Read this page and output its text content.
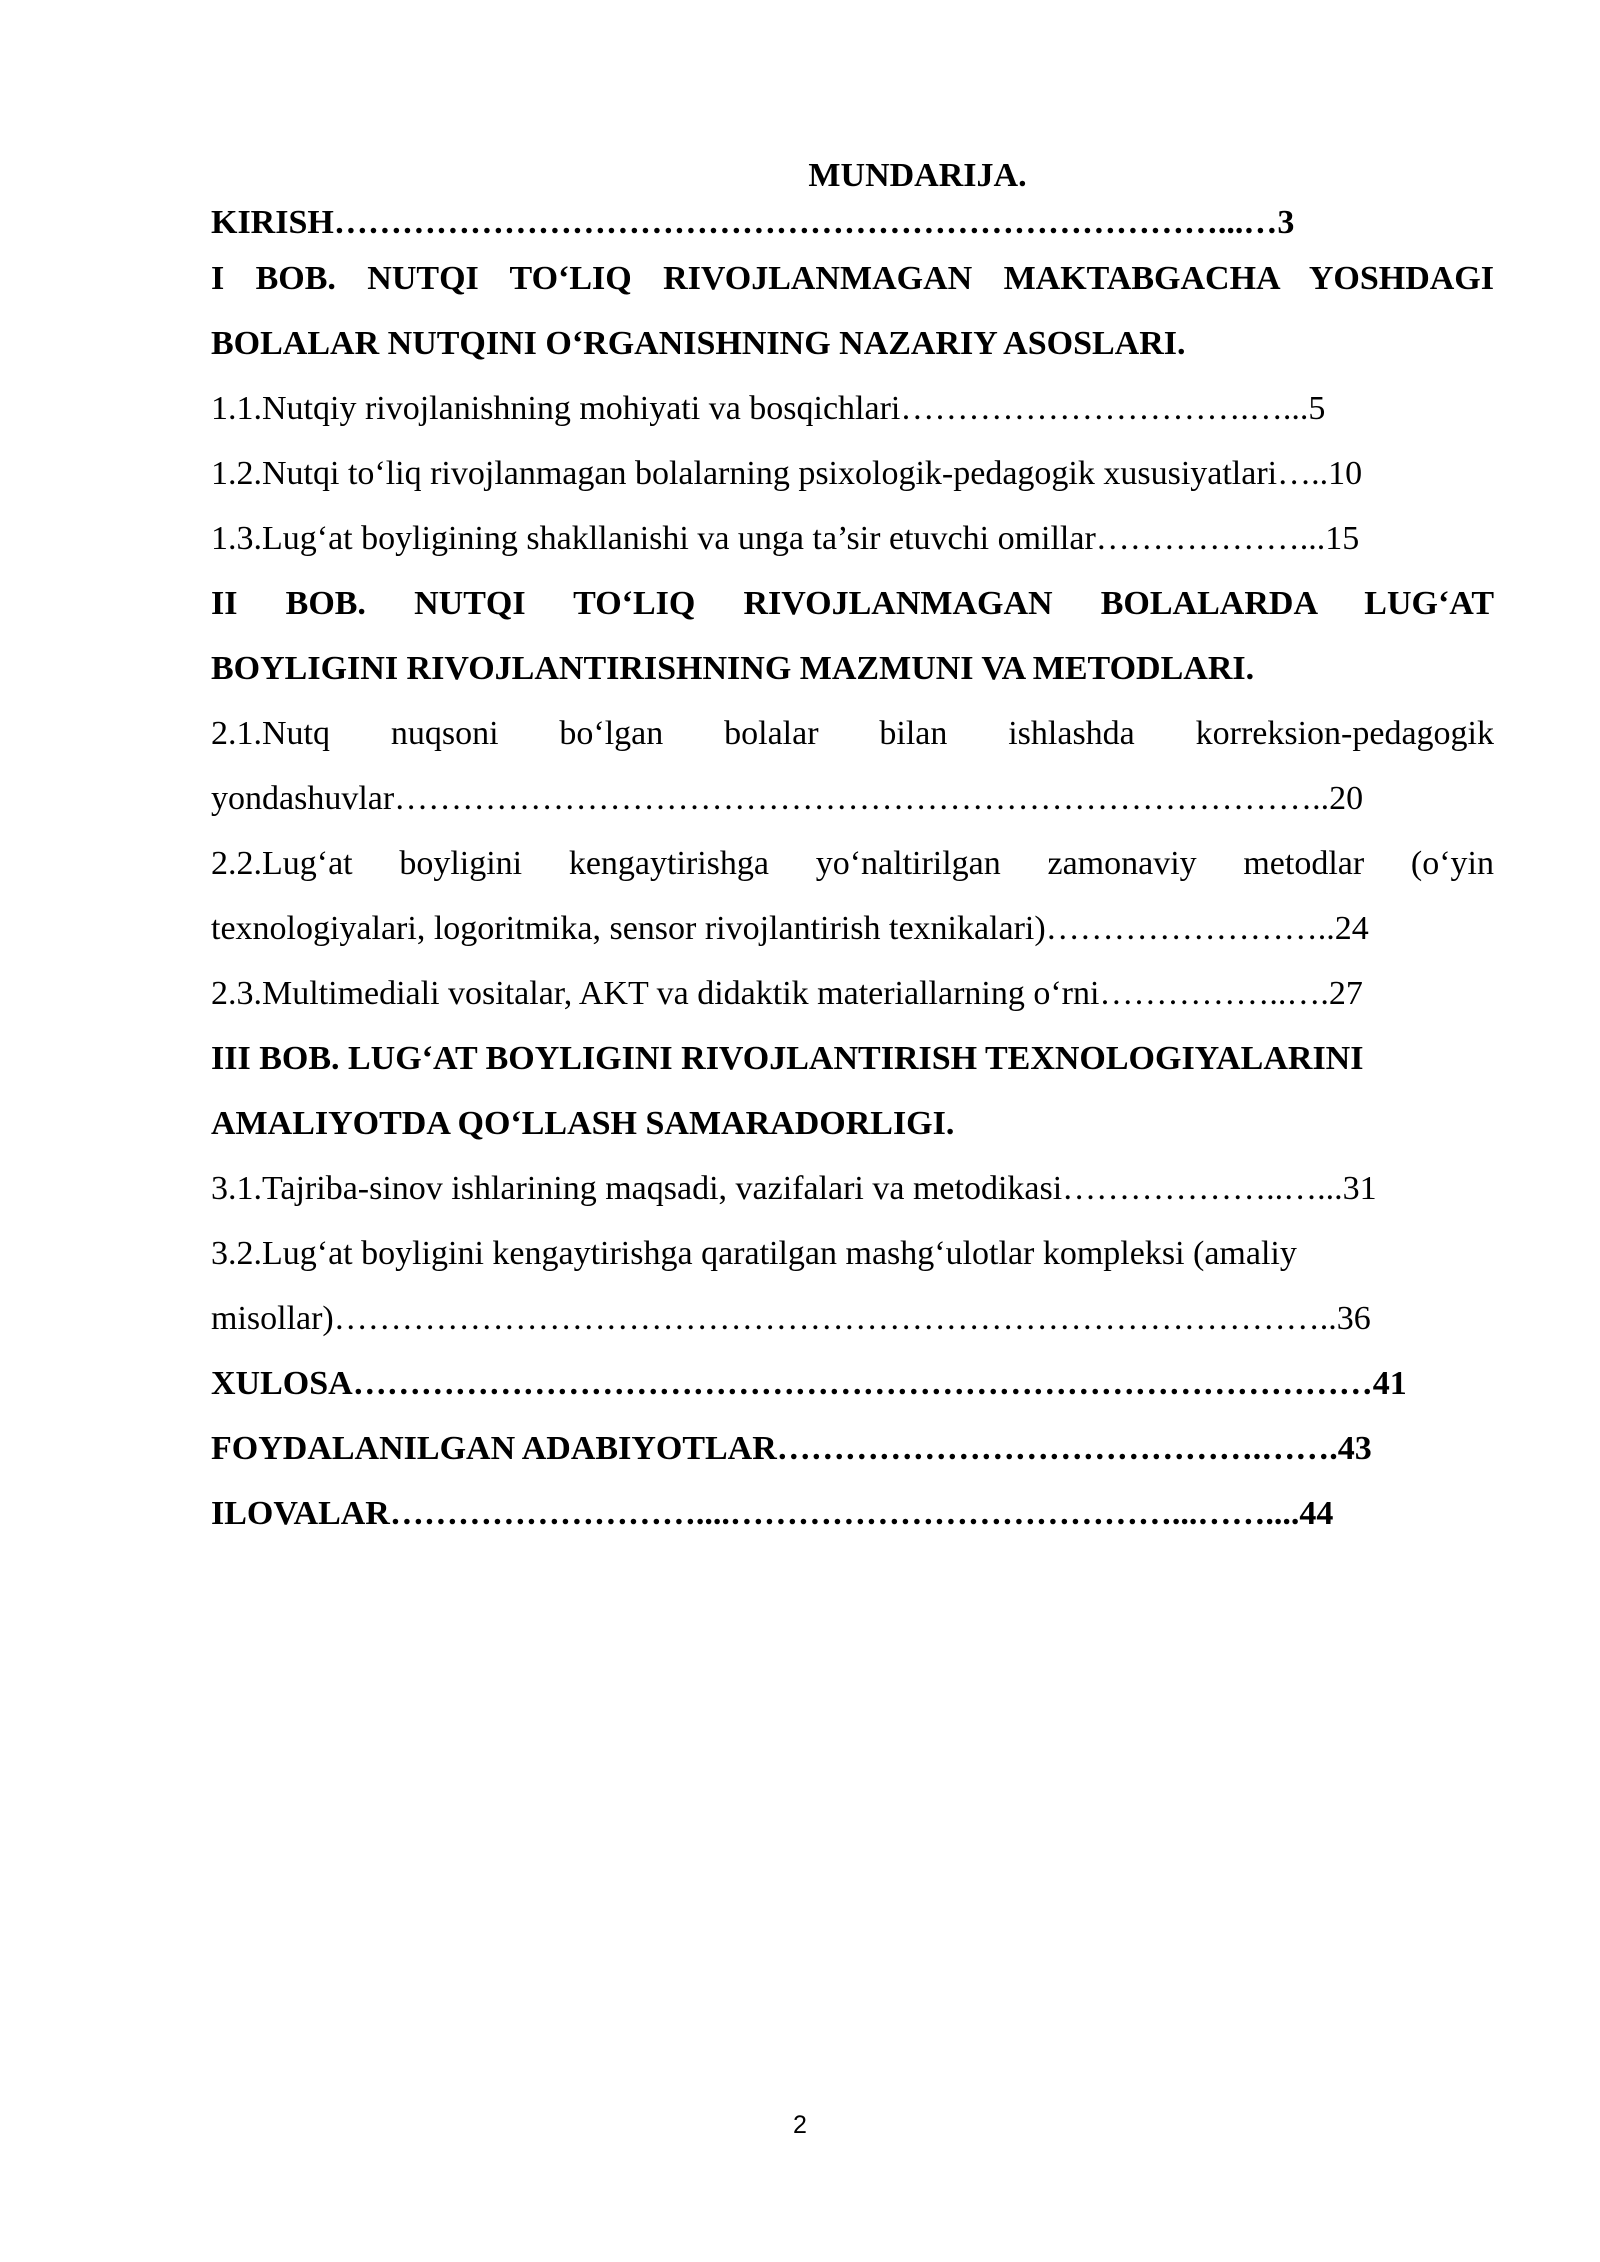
MUNDARIJA.
KIRISH……………………………………………………………………...…3
I BOB. NUTQI TO‘LIQ RIVOJLANMAGAN MAKTABGACHA YOSHDAGI
BOLALAR NUTQINI O‘RGANISHNING NAZARIY ASOSLARI.
1.1.Nutqiy rivojlanishning mohiyati va bosqichlari………………………….…...5
1.2.Nutqi to‘liq rivojlanmagan bolalarning psixologik-pedagogik xususiyatlari…..10
1.3.Lug‘at boyligining shakllanishi va unga ta’sir etuvchi omillar………………...15
II BOB. NUTQI TO‘LIQ RIVOJLANMAGAN BOLALARDA LUG‘AT
BOYLIGINI RIVOJLANTIRISHNING MAZMUNI VA METODLARI.
2.1.Nutq nuqsoni bo‘lgan bolalar bilan ishlashda korreksion-pedagogik
yondashuvlar………………………………………………………………………..20
2.2.Lug‘at boyligini kengaytirishga yo‘naltirilgan zamonaviy metodlar (o‘yin
texnologiyalari, logoritmika, sensor rivojlantirish texnikalari)……………………..24
2.3.Multimediali vositalar, AKT va didaktik materiallarning o‘rni……………..….27
III BOB. LUG‘AT BOYLIGINI RIVOJLANTIRISH TEXNOLOGIYALARINI
AMALIYOTDA QO‘LLASH SAMARADORLIGI.
3.1.Tajriba-sinov ishlarining maqsadi, vazifalari va metodikasi………………..…...31
3.2.Lug‘at boyligini kengaytirishga qaratilgan mashg‘ulotlar kompleksi (amaliy
misollar)……………………………………………………………………………..36
XULOSA………………………………………………………………………………41
FOYDALANILGAN ADABIYOTLAR…………………………………….…….43
ILOVALAR………………………....…………………………………...……....44
2
